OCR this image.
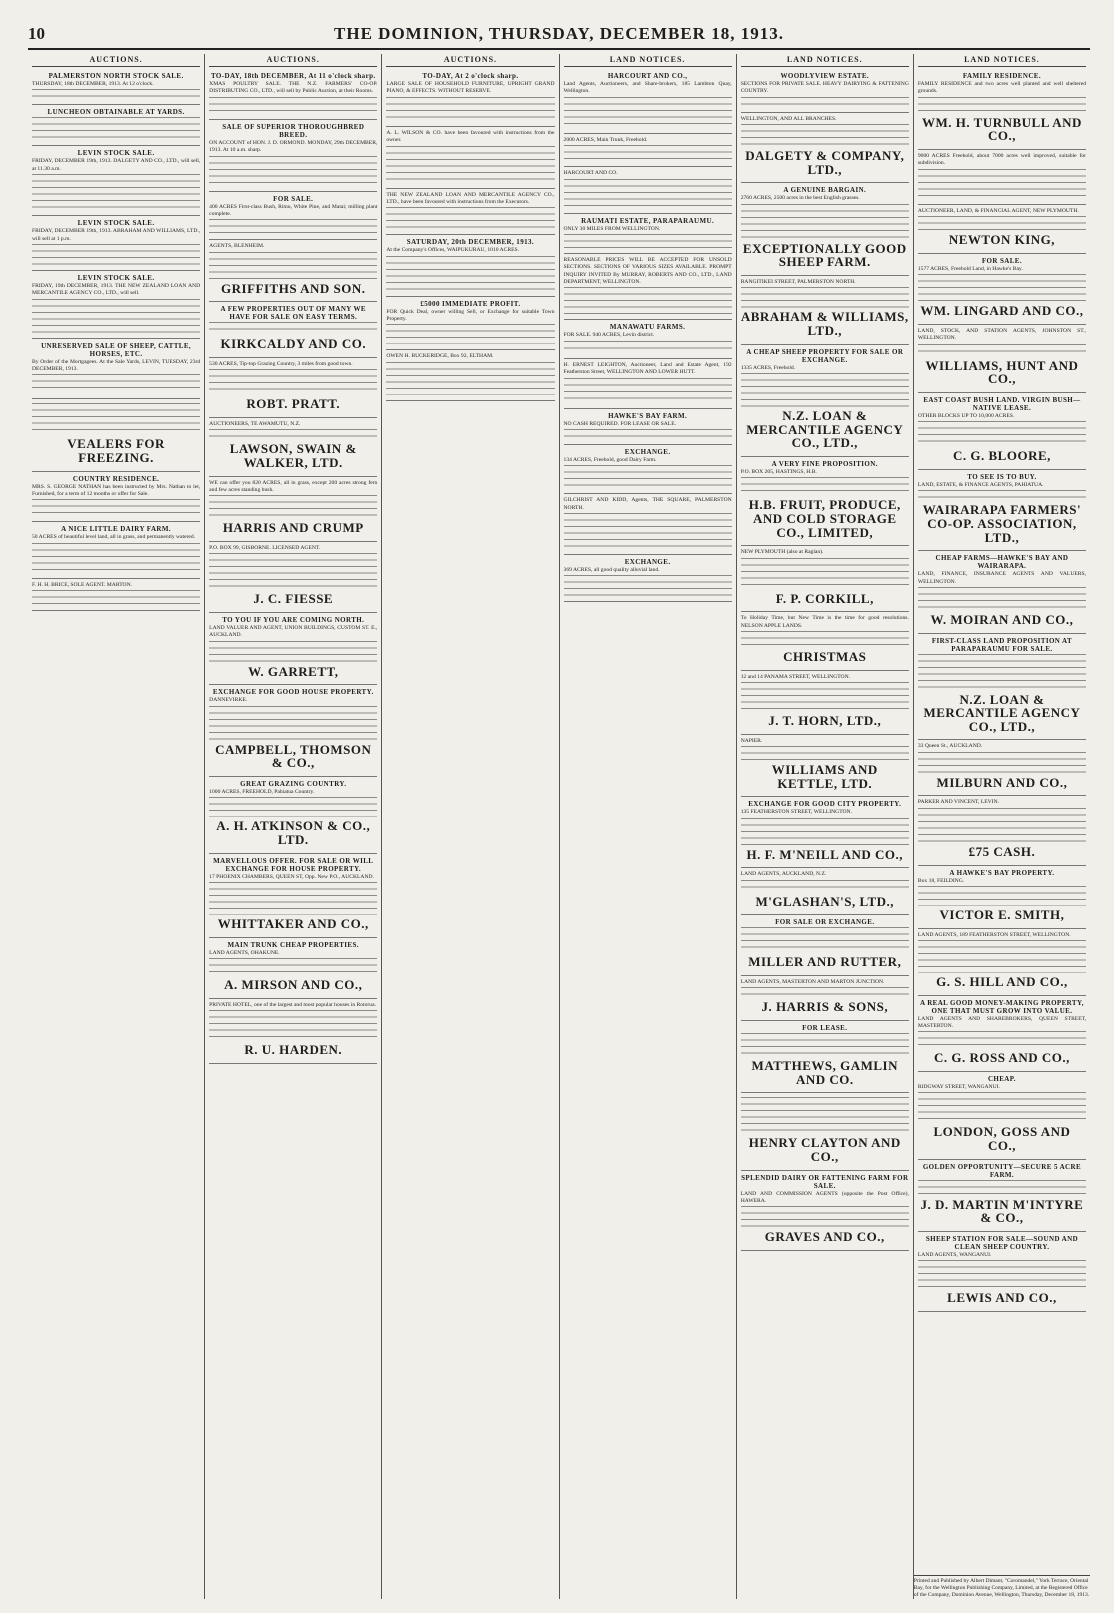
10	THE DOMINION, THURSDAY, DECEMBER 18, 1913.
AUCTIONS.
PALMERSTON NORTH STOCK SALE.
THURSDAY, 18th DECEMBER, 1913. At 12 o'clock.
LUNCHEON OBTAINABLE AT YARDS.
LEVIN STOCK SALE.
FRIDAY, DECEMBER 19th, 1913. DALGETY AND CO., LTD., will sell, at 11.30 a.m.
LEVIN STOCK SALE.
FRIDAY, DECEMBER 19th, 1913. ABRAHAM AND WILLIAMS, LTD., will sell at 1 p.m.
LEVIN STOCK SALE.
FRIDAY, 19th DECEMBER, 1913. THE NEW ZEALAND LOAN AND MERCANTILE AGENCY CO., LTD., will sell.
UNRESERVED SALE OF SHEEP, CATTLE, HORSES, ETC.
By Order of the Mortgagees. At the Sale Yards, LEVIN, TUESDAY, 23rd DECEMBER, 1913.
VEALERS FOR FREEZING.
COUNTRY RESIDENCE.
MRS. S. GEORGE NATHAN has been instructed by Mrs. Nathan to let, Furnished, for a term of 12 months or offer for Sale.
A NICE LITTLE DAIRY FARM.
50 ACRES of beautiful level land, all in grass, and permanently watered.
F. H. H. BRICE, SOLE AGENT. MARTON.
AUCTIONS.
TO-DAY, 18th DECEMBER, At 11 o'clock sharp.
XMAS POULTRY SALE. THE N.Z. FARMERS' CO-OP. DISTRIBUTING CO., LTD., will sell by Public Auction, at their Rooms.
SALE OF SUPERIOR THOROUGHBRED BREED.
ON ACCOUNT of HON. J. D. ORMOND. MONDAY, 29th DECEMBER, 1913. At 10 a.m. sharp.
FOR SALE.
400 ACRES First-class Bush, Rimu, White Pine, and Matai; milling plant complete.
AGENTS, BLENHEIM.
GRIFFITHS AND SON.
A FEW PROPERTIES OUT OF MANY WE HAVE FOR SALE ON EASY TERMS.
KIRKCALDY AND CO.
530 ACRES, Tip-top Grazing Country, 3 miles from good town.
ROBT. PRATT.
AUCTIONEERS, TE AWAMUTU, N.Z.
LAWSON, SWAIN & WALKER, LTD.
WE can offer you 820 ACRES, all in grass, except 200 acres strong fern and few acres standing bush.
HARRIS AND CRUMP
P.O. BOX 99, GISBORNE. LICENSED AGENT.
J. C. FIESSE
TO YOU IF YOU ARE COMING NORTH.
LAND VALUER AND AGENT, UNION BUILDINGS, CUSTOM ST. E., AUCKLAND.
W. GARRETT,
EXCHANGE FOR GOOD HOUSE PROPERTY.
DANNEVIRKE.
CAMPBELL, THOMSON & CO.,
GREAT GRAZING COUNTRY.
1000 ACRES, FREEHOLD, Pahiatua Country.
A. H. ATKINSON & CO., LTD.
MARVELLOUS OFFER. FOR SALE OR WILL EXCHANGE FOR HOUSE PROPERTY.
17 PHOENIX CHAMBERS, QUEEN ST, Opp. New P.O., AUCKLAND.
WHITTAKER AND CO.,
MAIN TRUNK CHEAP PROPERTIES.
LAND AGENTS, OHAKUNE.
A. MIRSON AND CO.,
PRIVATE HOTEL, one of the largest and most popular houses in Rotorua.
R. U. HARDEN.
AUCTIONS.
TO-DAY, At 2 o'clock sharp.
LARGE SALE OF HOUSEHOLD FURNITURE, UPRIGHT GRAND PIANO, & EFFECTS. WITHOUT RESERVE.
A. L. WILSON & CO. have been favoured with instructions from the owner.
THE NEW ZEALAND LOAN AND MERCANTILE AGENCY CO., LTD., have been favoured with instructions from the Executors.
SATURDAY, 20th DECEMBER, 1913.
At the Company's Offices, WAIPUKURAU, 1010 ACRES.
£5000 IMMEDIATE PROFIT.
FOR Quick Deal, owner willing Sell, or Exchange for suitable Town Property.
OWEN H. BUCKERIDGE, Box 92, ELTHAM.
LAND NOTICES.
HARCOURT AND CO.,
Land Agents, Auctioneers, and Share-brokers, 185 Lambton Quay, Wellington.
2000 ACRES, Main Trunk, Freehold.
HARCOURT AND CO.
RAUMATI ESTATE, PARAPARAUMU.
ONLY 30 MILES FROM WELLINGTON.
REASONABLE PRICES WILL BE ACCEPTED FOR UNSOLD SECTIONS. SECTIONS OF VARIOUS SIZES AVAILABLE. PROMPT INQUIRY INVITED By MURRAY, ROBERTS AND CO., LTD., LAND DEPARTMENT, WELLINGTON.
MANAWATU FARMS.
FOR SALE. 940 ACRES, Levin district.
H. ERNEST LEIGHTON, Auctioneer, Land and Estate Agent, 192 Featherston Street, WELLINGTON AND LOWER HUTT.
HAWKE'S BAY FARM.
NO CASH REQUIRED. FOR LEASE OR SALE.
EXCHANGE.
134 ACRES, Freehold, good Dairy Farm.
GILCHRIST AND KIDD, Agents, THE SQUARE, PALMERSTON NORTH.
EXCHANGE.
369 ACRES, all good quality alluvial land.
LAND NOTICES.
WOODLYVIEW ESTATE.
SECTIONS FOR PRIVATE SALE. HEAVY DAIRYING & FATTENING COUNTRY.
WELLINGTON, AND ALL BRANCHES.
DALGETY & COMPANY, LTD.,
A GENUINE BARGAIN.
2760 ACRES, 2500 acres in the best English grasses.
EXCEPTIONALLY GOOD SHEEP FARM.
RANGITIKEI STREET, PALMERSTON NORTH.
ABRAHAM & WILLIAMS, LTD.,
A CHEAP SHEEP PROPERTY FOR SALE OR EXCHANGE.
1335 ACRES, Freehold.
N.Z. LOAN & MERCANTILE AGENCY CO., LTD.,
A VERY FINE PROPOSITION.
P.O. BOX 205, HASTINGS, H.B.
H.B. FRUIT, PRODUCE, AND COLD STORAGE CO., LIMITED,
NEW PLYMOUTH (also at Raglan).
F. P. CORKILL,
To Holiday Time, but New Time is the time for good resolutions. NELSON APPLE LANDS.
CHRISTMAS
12 and 14 PANAMA STREET, WELLINGTON.
J. T. HORN, LTD.,
NAPIER.
WILLIAMS AND KETTLE, LTD.
EXCHANGE FOR GOOD CITY PROPERTY.
135 FEATHERSTON STREET, WELLINGTON.
H. F. M'NEILL AND CO.,
LAND AGENTS, AUCKLAND, N.Z.
M'GLASHAN'S, LTD.,
FOR SALE OR EXCHANGE.
MILLER AND RUTTER,
LAND AGENTS, MASTERTON AND MARTON JUNCTION.
J. HARRIS & SONS,
FOR LEASE.
MATTHEWS, GAMLIN AND CO.
HENRY CLAYTON AND CO.,
SPLENDID DAIRY OR FATTENING FARM FOR SALE.
LAND AND COMMISSION AGENTS (opposite the Post Office), HAWERA.
GRAVES AND CO.,
LAND NOTICES.
FAMILY RESIDENCE.
FAMILY RESIDENCE and two acres well planted and well sheltered grounds.
WM. H. TURNBULL AND CO.,
9000 ACRES Freehold, about 7000 acres well improved, suitable for subdivision.
AUCTIONEER, LAND, & FINANCIAL AGENT, NEW PLYMOUTH.
NEWTON KING,
FOR SALE.
1577 ACRES, Freehold Land, in Hawke's Bay.
WM. LINGARD AND CO.,
LAND, STOCK, AND STATION AGENTS, JOHNSTON ST., WELLINGTON.
WILLIAMS, HUNT AND CO.,
EAST COAST BUSH LAND. VIRGIN BUSH—NATIVE LEASE.
OTHER BLOCKS UP TO 10,000 ACRES.
C. G. BLOORE,
TO SEE IS TO BUY.
LAND, ESTATE, & FINANCE AGENTS, PAHIATUA.
WAIRARAPA FARMERS' CO-OP. ASSOCIATION, LTD.,
CHEAP FARMS—HAWKE'S BAY AND WAIRARAPA.
LAND, FINANCE, INSURANCE AGENTS AND VALUERS, WELLINGTON.
W. MOIRAN AND CO.,
FIRST-CLASS LAND PROPOSITION AT PARAPARAUMU FOR SALE.
N.Z. LOAN & MERCANTILE AGENCY CO., LTD.,
33 Queen St., AUCKLAND.
MILBURN AND CO.,
PARKER AND VINCENT, LEVIN.
£75 CASH.
A HAWKE'S BAY PROPERTY.
Box 18, FEILDING.
VICTOR E. SMITH,
LAND AGENTS, 189 FEATHERSTON STREET, WELLINGTON.
G. S. HILL AND CO.,
A REAL GOOD MONEY-MAKING PROPERTY, ONE THAT MUST GROW INTO VALUE.
LAND AGENTS AND SHAREBROKERS, QUEEN STREET, MASTERTON.
C. G. ROSS AND CO.,
CHEAP.
RIDGWAY STREET, WANGANUI.
LONDON, GOSS AND CO.,
GOLDEN OPPORTUNITY—SECURE 5 ACRE FARM.
J. D. MARTIN M'INTYRE & CO.,
SHEEP STATION FOR SALE—SOUND AND CLEAN SHEEP COUNTRY.
LAND AGENTS, WANGANUI.
LEWIS AND CO.,
Printed and Published by Albert Dimant, "Coromandel," York Terrace, Oriental Bay, for the Wellington Publishing Company, Limited, at the Registered Office of the Company, Dominion Avenue, Wellington, Thursday, December 18, 1913.
